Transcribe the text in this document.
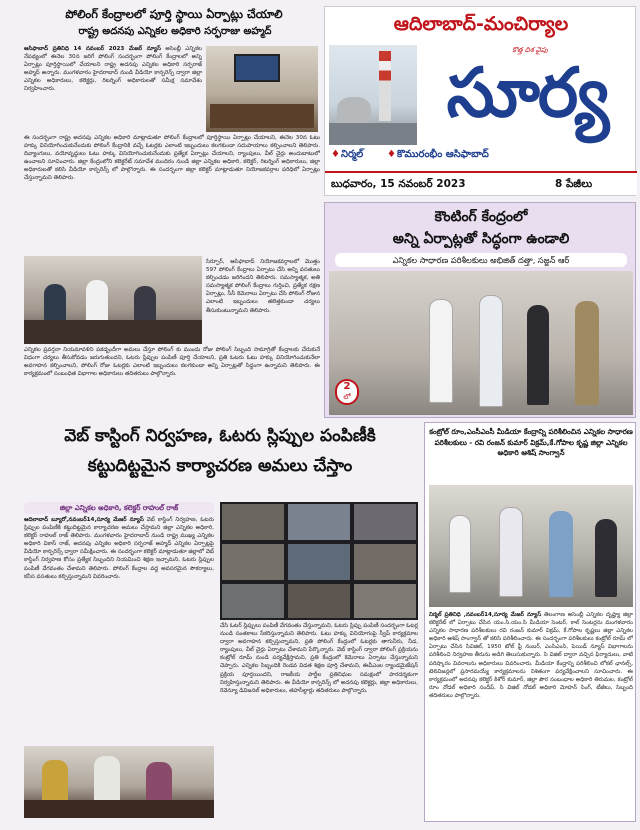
పోలింగ్ కేంద్రాలలో పూర్తి స్థాయి ఏర్పాట్లు చేయాలి
రాష్ట్ర అదనపు ఎన్నికల అధికారి సర్ఫరాజు అహ్మద్
ఆసిఫాబాద్ ప్రతినిధి 14 నవంబర్ 2023 మేజర్ న్యూస్ అసెంబ్లీ ఎన్నికల నేపథ్యంలో ఈనెల 30న జరిగే పోలింగ్ సందర్భంగా పోలింగ్ కేంద్రాలలో అన్ని ఏర్పాట్లు పూర్తిస్థాయిలో చేయాలని రాష్ట్ర అదనపు ఎన్నికల అధికారి సర్ఫరాజ్ అహ్మద్ అన్నారు. మంగళవారం హైదరాబాద్ నుండి వీడియో కాన్ఫరెన్స్ ద్వారా జిల్లా ఎన్నికల అధికారులు, కలెక్టర్లు, రిటర్నింగ్ అధికారులతో సమీక్ష సమావేశం నిర్వహించారు.
ఈ సందర్భంగా రాష్ట్ర అదనపు ఎన్నికల అధికారి మాట్లాడుతూ పోలింగ్ కేంద్రాలలో పూర్తిస్థాయి ఏర్పాట్లు చేయాలని, ఈనెల 30న ఓటు హక్కు వినియోగించుకునేందుకు పోలింగ్ కేంద్రానికి వచ్చే ఓటర్లకు ఎలాంటి ఇబ్బందులు కలగకుండా సదుపాయాలు కల్పించాలని తెలిపారు. దివ్యాంగులు, వయోవృద్ధులు ఓటు హక్కు వినియోగించుకునేందుకు ప్రత్యేక ఏర్పాట్లు చేయాలని, ర్యాంపులు, వీల్ చైర్లు అందుబాటులో ఉంచాలని సూచించారు. జిల్లా కేంద్రంలోని కలెక్టరేట్ సమావేశ మందిరం నుండి జిల్లా ఎన్నికల అధికారి, కలెక్టర్, రిటర్నింగ్ అధికారులు, జిల్లా అధికారులతో కలిసి వీడియో కాన్ఫరెన్స్ లో పాల్గొన్నారు. ఈ సందర్భంగా జిల్లా కలెక్టర్ మాట్లాడుతూ నియోజకవర్గాల పరిధిలో ఏర్పాట్లు చేస్తున్నామని తెలిపారు.
సిర్పూర్, ఆసిఫాబాద్ నియోజకవర్గాలలో మొత్తం 597 పోలింగ్ కేంద్రాలు ఏర్పాటు చేసి అన్ని వసతులు కల్పించడం జరిగిందని తెలిపారు. సమస్యాత్మక, అతి సమస్యాత్మక పోలింగ్ కేంద్రాలు గుర్తించి, ప్రత్యేక రక్షణ ఏర్పాట్లు, సీసీ కెమెరాలు ఏర్పాటు చేసి పోలింగ్ రోజున ఎలాంటి ఇబ్బందులు తలెత్తకుండా చర్యలు తీసుకుంటున్నామని తెలిపారు.
ఎన్నికల ప్రవర్తనా నియమావళిని పకడ్బందీగా అమలు చేస్తూ పోలింగ్ కు ముందు రోజు పోలింగ్ సిబ్బంది సామాగ్రితో కేంద్రాలకు చేరుకునే విధంగా చర్యలు తీసుకోవడం జరుగుతుందని, ఓటరు స్లిప్పుల పంపిణీ పూర్తి చేయాలని, ప్రతి ఓటరు ఓటు హక్కు వినియోగించుకునేలా అవగాహన కల్పించాలని, పోలింగ్ రోజు ఓటర్లకు ఎలాంటి ఇబ్బందులు కలగకుండా అన్ని ఏర్పాట్లతో సిద్ధంగా ఉన్నామని తెలిపారు. ఈ కార్యక్రమంలో సంబంధిత విభాగాల అధికారులు తదితరులు పాల్గొన్నారు.
ఆదిలాబాద్-మంచిర్యాల
కొత్త దిశ వైపు
సూర్య
♦ నిర్మల్ ♦ కొమురంభీం ఆసిఫాబాద్
బుధవారం, 15 నవంబర్ 2023	8 పేజీలు
కౌంటింగ్ కేంద్రంలో
అన్ని ఏర్పాట్లతో సిద్ధంగా ఉండాలి
ఎన్నికల సాధారణ పరిశీలకులు అభిజిత్ దత్తా, సజ్జన్ ఆర్
2
లో
వెబ్ కాస్టింగ్ నిర్వహణ, ఓటరు స్లిప్పుల పంపిణీకి
కట్టుదిట్టమైన కార్యాచరణ అమలు చేస్తాం
జిల్లా ఎన్నికల అధికారి, కలెక్టర్ రాహుల్ రాజ్
ఆదిలాబాద్ బ్యూరో,నవంబర్14,సూర్య మేజర్ న్యూస్ వెబ్ కాస్టింగ్ నిర్వహణ, ఓటరు స్లిప్పుల పంపిణీకి కట్టుదిట్టమైన కార్యాచరణ అమలు చేస్తామని జిల్లా ఎన్నికల అధికారి, కలెక్టర్ రాహుల్ రాజ్ తెలిపారు. మంగళవారం హైదరాబాద్ నుండి రాష్ట్ర ముఖ్య ఎన్నికల అధికారి వికాస్ రాజ్, అదనపు ఎన్నికల అధికారి సర్ఫరాజ్ అహ్మద్ ఎన్నికల ఏర్పాట్లపై వీడియో కాన్ఫరెన్స్ ద్వారా సమీక్షించారు. ఈ సందర్భంగా కలెక్టర్ మాట్లాడుతూ జిల్లాలో వెబ్ కాస్టింగ్ నిర్వహణ కోసం ప్రత్యేక సిబ్బందిని నియమించి శిక్షణ ఇచ్చామని, ఓటరు స్లిప్పుల పంపిణీ వేగవంతం చేశామని తెలిపారు. పోలింగ్ కేంద్రాల వద్ద అవసరమైన సౌకర్యాలు, కనీస వసతులు కల్పిస్తున్నామని వివరించారు.
చేసి ఓటర్ స్లిప్పులు పంపిణీ వేగవంతం చేస్తున్నామని, ఓటరు స్లిప్పు పంపిణీ సందర్భంగా ఓటర్ల నుండి సంతకాలు సేకరిస్తున్నామని తెలిపారు. ఓటు హక్కు వినియోగంపై స్వీప్ కార్యక్రమాల ద్వారా అవగాహన కల్పిస్తున్నామని, ప్రతి పోలింగ్ కేంద్రంలో ఓటర్లకు తాగునీరు, నీడ, ర్యాంపులు, వీల్ చైర్లు ఏర్పాటు చేశామని పేర్కొన్నారు. వెబ్ కాస్టింగ్ ద్వారా పోలింగ్ ప్రక్రియను కంట్రోల్ రూమ్ నుండి పర్యవేక్షిస్తామని, ప్రతి కేంద్రంలో కెమెరాలు ఏర్పాటు చేస్తున్నామని చెప్పారు. ఎన్నికల సిబ్బందికి రెండవ విడత శిక్షణ పూర్తి చేశామని, ఈవీఎంల ర్యాండమైజేషన్ ప్రక్రియ పూర్తయిందని, రాజకీయ పార్టీల ప్రతినిధుల సమక్షంలో పారదర్శకంగా నిర్వహిస్తున్నామని తెలిపారు. ఈ వీడియో కాన్ఫరెన్స్ లో అదనపు కలెక్టర్లు, జిల్లా అధికారులు, రెవెన్యూ డివిజనల్ అధికారులు, తహసీల్దార్లు తదితరులు పాల్గొన్నారు.
కంట్రోల్ రూం,ఎంసీఎంసీ మీడియా కేంద్రాన్ని పరిశీలించిన ఎన్నికల సాధారణ పరిశీలకులు - రవి రంజన్ కుమార్ విక్రమ్,కే.గోపాల కృష్ణ జిల్లా ఎన్నికల అధికారి ఆశిష్ సాంగ్వాన్
నిర్మల్ ప్రతినిధి ,నవంబర్14,సూర్య మేజర్ న్యూస్ తెలంగాణ అసెంబ్లీ ఎన్నికల దృష్ట్యా జిల్లా కలెక్టరేట్ లో ఏర్పాటు చేసిన యం.సి.యం.సి మీడియా సెంటర్, కాల్ సెంటర్లను మంగళవారం ఎన్నికల సాధారణ పరిశీలకులు రవి రంజన్ కుమార్ విక్రమ్, కే.గోపాల కృష్ణలు జిల్లా ఎన్నికల అధికారి ఆశిష్ సాంగ్వాన్ తో కలిసి పరిశీలించారు. ఈ సందర్భంగా పరిశీలకులు కంట్రోల్ రూమ్ లో ఏర్పాటు చేసిన సివిజిల్, 1950 టోల్ ఫ్రీ నంబర్, ఎంసిఎంసి, పెయిడ్ న్యూస్ విభాగాలను పరిశీలించి నిర్వహణ తీరును అడిగి తెలుసుకున్నారు. సి విజిల్ ద్వారా వచ్చిన ఫిర్యాదులు, వాటి పరిష్కారం వివరాలను అధికారులు వివరించారు. మీడియా కేంద్రాన్ని పరిశీలించి లోకల్ ఛానల్స్, టెలివిజన్లలో ప్రసారమయ్యే కార్యక్రమాలను నిశితంగా పర్యవేక్షించాలని సూచించారు. ఈ కార్యక్రమంలో అదనపు కలెక్టర్ కిశోర్ కుమార్, జిల్లా పౌర సంబంధాల అధికారి తిరుమల, కంట్రోల్ రూం నోడల్ అధికారి సందీప్, సి విజిల్ నోడల్ అధికారి మోహన్ సింగ్, టీజీలు, సిబ్బంది తదితరులు పాల్గొన్నారు.
